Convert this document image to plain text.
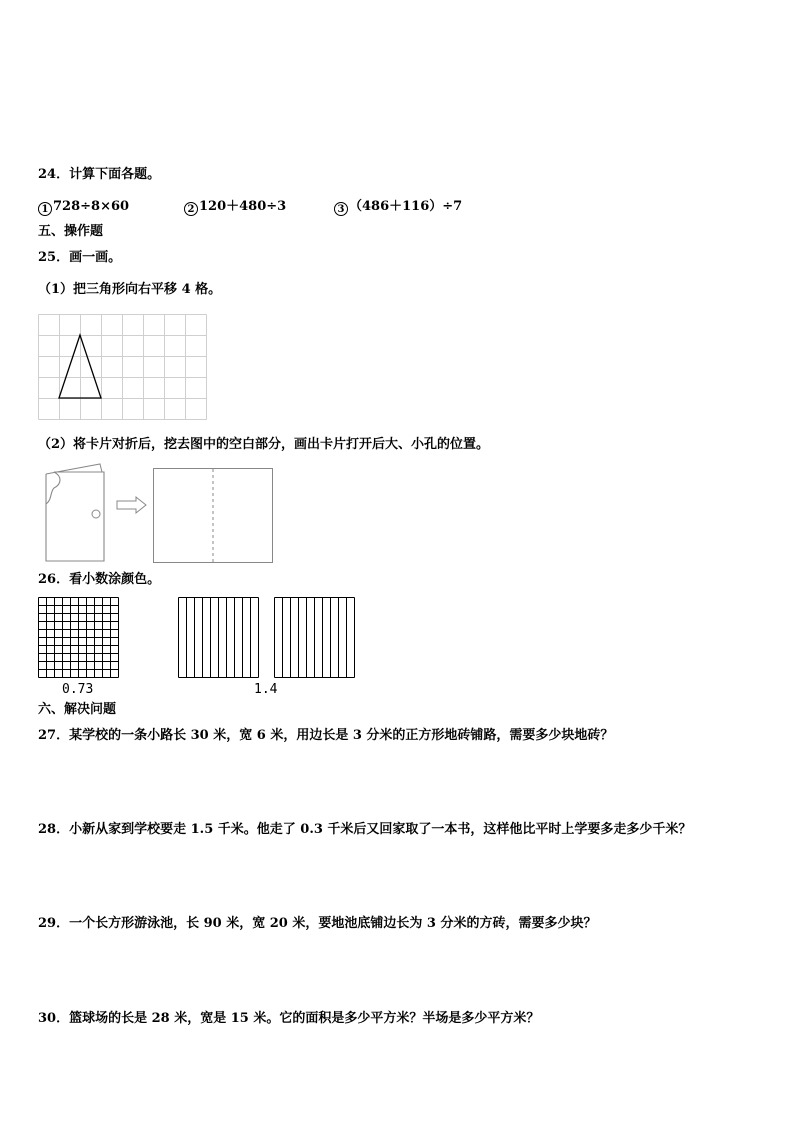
24．计算下面各题。
1 728÷8×60	2 120＋480÷3	3 （486＋116）÷7
五、操作题
25．画一画。
（1）把三角形向右平移 4 格。
（2）将卡片对折后，挖去图中的空白部分，画出卡片打开后大、小孔的位置。
26．看小数涂颜色。
0.73	1.4
六、解决问题
27．某学校的一条小路长 30 米，宽 6 米，用边长是 3 分米的正方形地砖铺路，需要多少块地砖？
28．小新从家到学校要走 1.5 千米。他走了 0.3 千米后又回家取了一本书，这样他比平时上学要多走多少千米？
29．一个长方形游泳池，长 90 米，宽 20 米，要地池底铺边长为 3 分米的方砖，需要多少块？
30．篮球场的长是 28 米，宽是 15 米。它的面积是多少平方米？半场是多少平方米？
